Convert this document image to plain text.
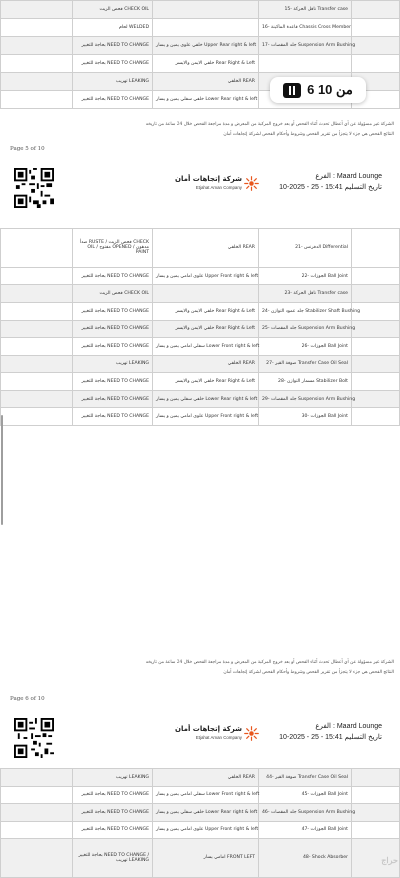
	فحص الزيت CHECK OIL		15- ناقل الحركة Transfer case	
	لحام WELDED		16- قاعدة الماكينة Chassis Cross Member	
	بحاجة للتغيير NEED TO CHANGE	خلفي علوي يمين و يسار Upper Rear right & left	17- جلد المقصات Suspension Arm Bushing	
	بحاجة للتغيير NEED TO CHANGE	خلفي الايمن والايسر Rear Right & Left		
	تهريب LEAKING	الخلفي REAR		
	بحاجة للتغيير NEED TO CHANGE	خلفي سفلي يمين و يسار Lower Rear right & left		
6 من 10
الشركة غير مسؤولة عن أي أعطال تحدث أثناء الفحص أو بعد خروج المركبة من المعرض و مدة مراجعة الفحص خلال 24 ساعة من تاريخه
النتائج الفحص هي جزء لا يتجزأ من تقرير الفحص وشروط وأحكام الفحص لشركة إتجاهات أمان
Page 5 of 10
شركة إتجاهات أمان
Etjahat Aman Company
الفرع : Maard Lounge
تاريخ التسليم 15:41 - 25 - 2025-10
	صدأ RUSTE / فحص الزيت CHECK OIL / مفتوح OPENED / مدهون PAINT	الخلفي REAR	21- الدفرنس Differential	
	بحاجة للتغيير NEED TO CHANGE	علوي امامي يمين و يسار Upper Front right & left	22- الجوزات Ball Joint	
	فحص الزيت CHECK OIL		23- ناقل الحركة Transfer case	
	بحاجة للتغيير NEED TO CHANGE	خلفي الايمن والايسر Rear Right & Left	24- جلد عمود التوازن Stabilizer Shaft Bushing	
	بحاجة للتغيير NEED TO CHANGE	خلفي الايمن والايسر Rear Right & Left	25- جلد المقصات Suspension Arm Bushing	
	بحاجة للتغيير NEED TO CHANGE	سفلي امامي يمين و يسار Lower Front right & left	26- الجوزات Ball Joint	
	تهريب LEAKING	الخلفي REAR	27- صوفة القير Transfer Case Oil Seal	
	بحاجة للتغيير NEED TO CHANGE	خلفي الايمن والايسر Rear Right & Left	28- مسمار التوازن Stabilizer Bolt	
	بحاجة للتغيير NEED TO CHANGE	خلفي سفلي يمين و يسار Lower Rear right & left	29- جلد المقصات Suspension Arm Bushing	
	بحاجة للتغيير NEED TO CHANGE	علوي امامي يمين و يسار Upper Front right & left	30- الجوزات Ball Joint	
الشركة غير مسؤولة عن أي أعطال تحدث أثناء الفحص أو بعد خروج المركبة من المعرض و مدة مراجعة الفحص خلال 24 ساعة من تاريخه
النتائج الفحص هي جزء لا يتجزأ من تقرير الفحص وشروط وأحكام الفحص لشركة إتجاهات أمان
Page 6 of 10
شركة إتجاهات أمان
Etjahat Aman Company
الفرع : Maard Lounge
تاريخ التسليم 15:41 - 25 - 2025-10
	تهريب LEAKING	الخلفي REAR	44- صوفة القير Transfer Case Oil Seal	
	بحاجة للتغيير NEED TO CHANGE	سفلي امامي يمين و يسار Lower Front right & left	45- الجوزات Ball Joint	
	بحاجة للتغيير NEED TO CHANGE	خلفي سفلي يمين و يسار Lower Rear right & left	46- جلد المقصات Suspension Arm Bushing	
	بحاجة للتغيير NEED TO CHANGE	علوي امامي يمين و يسار Upper Front right & left	47- الجوزات Ball Joint	
	بحاجة للتغيير NEED TO CHANGE / تهريب LEAKING	امامي يسار FRONT LEFT	48- Shock Absorber		حراج
